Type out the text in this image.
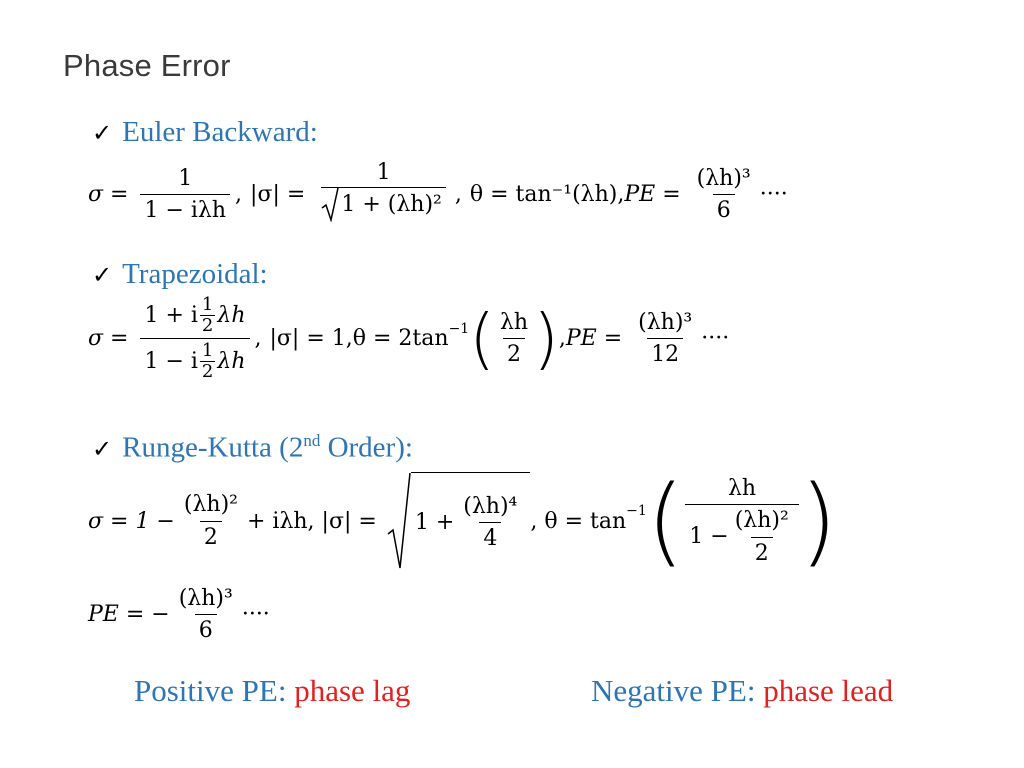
Phase Error
✓ Euler Backward:
$\sigma = \frac{1}{\text{1 − iλh}}$ , |σ| =
1
1 + (λh)² , θ = tan⁻¹(λh), PE = $\frac{\text{(λh)³}}{6}$ ····
✓ Trapezoidal:
$\sigma = \frac{1 + i \frac{1}{2} \lambda h}{1 - i \frac{1}{2} \lambda h}$ , |σ| = 1, θ = 2tan −1 ( $\frac{\lambda h}{2}$ ) , PE = $\frac{\text{(λh)³}}{12}$ ····
✓ Runge-Kutta (2nd Order):
$\sigma = 1 - \frac{\text{(λh)²}}{2} + i\lambda h$, $|\sigma| = 1 + \frac{\text{(λh)⁴}}{4}$ , θ = tan −1 ( $\frac{\lambda h}{1 - \frac{\text{(λh)²}}{2}}$ )
PE = − $\frac{\text{(λh)³}}{6}$ ····
Positive PE: phase lag	Negative PE: phase lead
